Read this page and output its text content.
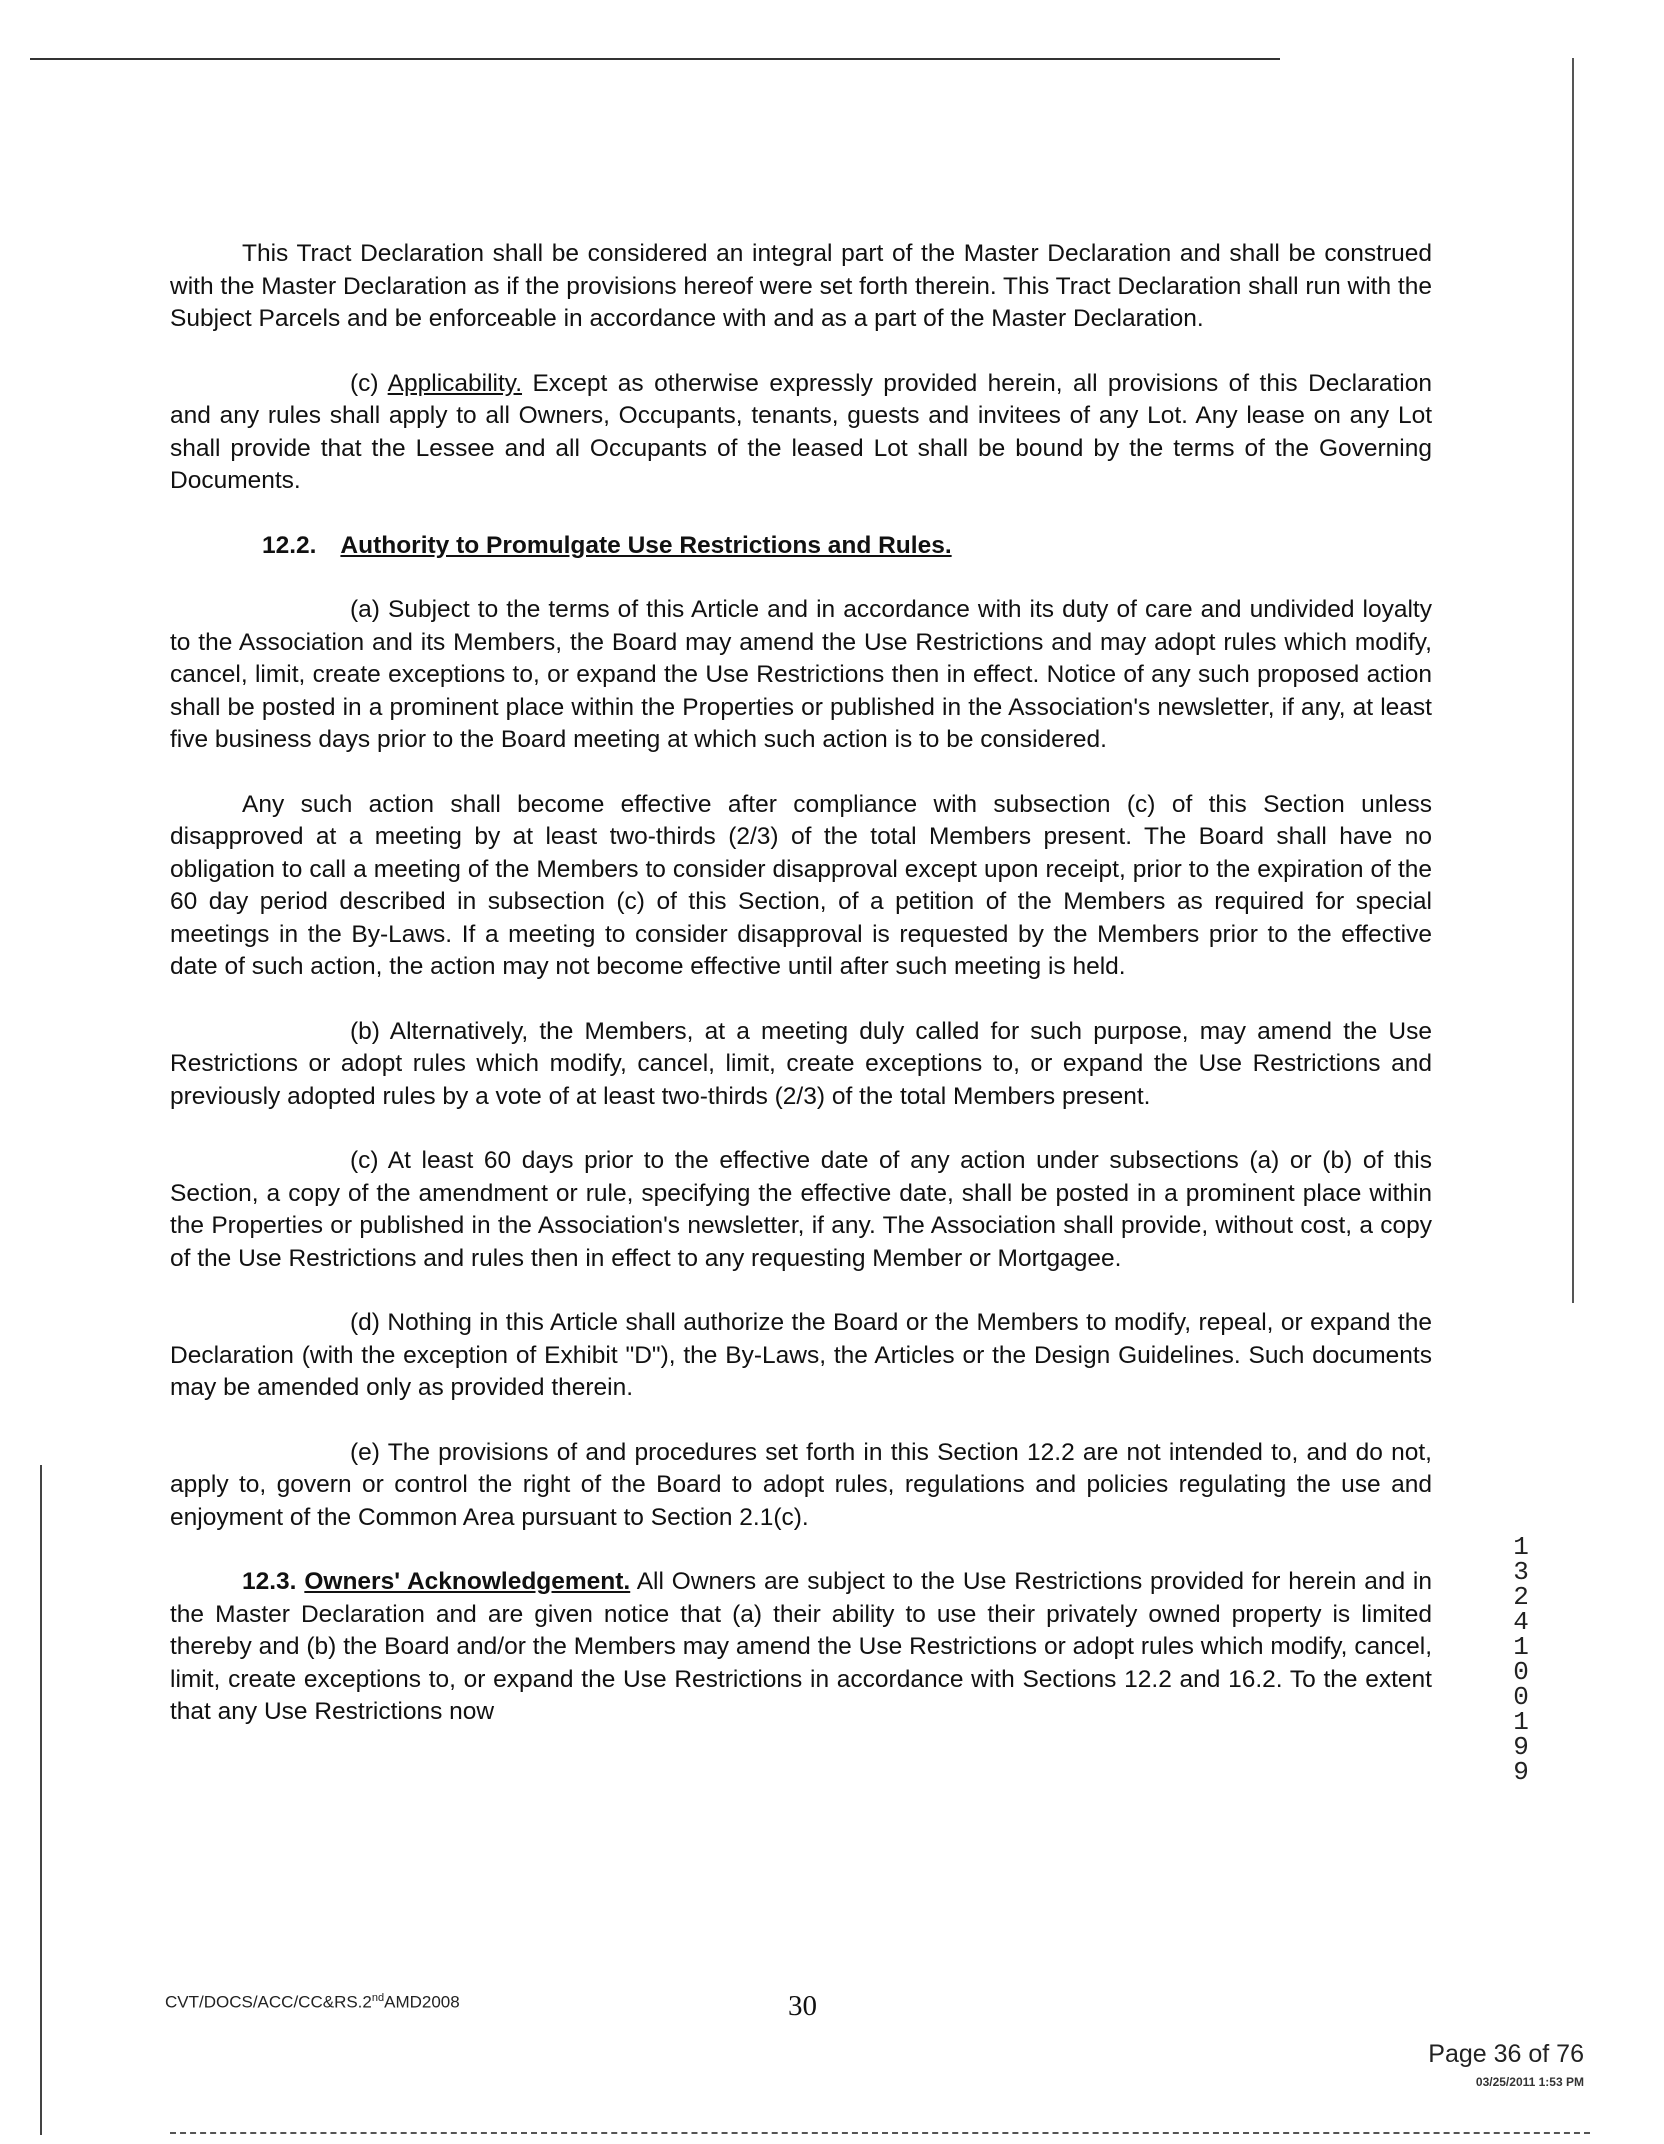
This Tract Declaration shall be considered an integral part of the Master Declaration and shall be construed with the Master Declaration as if the provisions hereof were set forth therein. This Tract Declaration shall run with the Subject Parcels and be enforceable in accordance with and as a part of the Master Declaration.

(c) Applicability. Except as otherwise expressly provided herein, all provisions of this Declaration and any rules shall apply to all Owners, Occupants, tenants, guests and invitees of any Lot. Any lease on any Lot shall provide that the Lessee and all Occupants of the leased Lot shall be bound by the terms of the Governing Documents.

12.2. Authority to Promulgate Use Restrictions and Rules.

(a) Subject to the terms of this Article and in accordance with its duty of care and undivided loyalty to the Association and its Members, the Board may amend the Use Restrictions and may adopt rules which modify, cancel, limit, create exceptions to, or expand the Use Restrictions then in effect. Notice of any such proposed action shall be posted in a prominent place within the Properties or published in the Association's newsletter, if any, at least five business days prior to the Board meeting at which such action is to be considered.

Any such action shall become effective after compliance with subsection (c) of this Section unless disapproved at a meeting by at least two-thirds (2/3) of the total Members present. The Board shall have no obligation to call a meeting of the Members to consider disapproval except upon receipt, prior to the expiration of the 60 day period described in subsection (c) of this Section, of a petition of the Members as required for special meetings in the By-Laws. If a meeting to consider disapproval is requested by the Members prior to the effective date of such action, the action may not become effective until after such meeting is held.

(b) Alternatively, the Members, at a meeting duly called for such purpose, may amend the Use Restrictions or adopt rules which modify, cancel, limit, create exceptions to, or expand the Use Restrictions and previously adopted rules by a vote of at least two-thirds (2/3) of the total Members present.

(c) At least 60 days prior to the effective date of any action under subsections (a) or (b) of this Section, a copy of the amendment or rule, specifying the effective date, shall be posted in a prominent place within the Properties or published in the Association's newsletter, if any. The Association shall provide, without cost, a copy of the Use Restrictions and rules then in effect to any requesting Member or Mortgagee.

(d) Nothing in this Article shall authorize the Board or the Members to modify, repeal, or expand the Declaration (with the exception of Exhibit "D"), the By-Laws, the Articles or the Design Guidelines. Such documents may be amended only as provided therein.

(e) The provisions of and procedures set forth in this Section 12.2 are not intended to, and do not, apply to, govern or control the right of the Board to adopt rules, regulations and policies regulating the use and enjoyment of the Common Area pursuant to Section 2.1(c).

12.3. Owners' Acknowledgement. All Owners are subject to the Use Restrictions provided for herein and in the Master Declaration and are given notice that (a) their ability to use their privately owned property is limited thereby and (b) the Board and/or the Members may amend the Use Restrictions or adopt rules which modify, cancel, limit, create exceptions to, or expand the Use Restrictions in accordance with Sections 12.2 and 16.2. To the extent that any Use Restrictions now

13241 00199
CVT/DOCS/ACC/CC&RS.2ndAMD2008	30
Page 36 of 76
03/25/2011 1:53 PM
